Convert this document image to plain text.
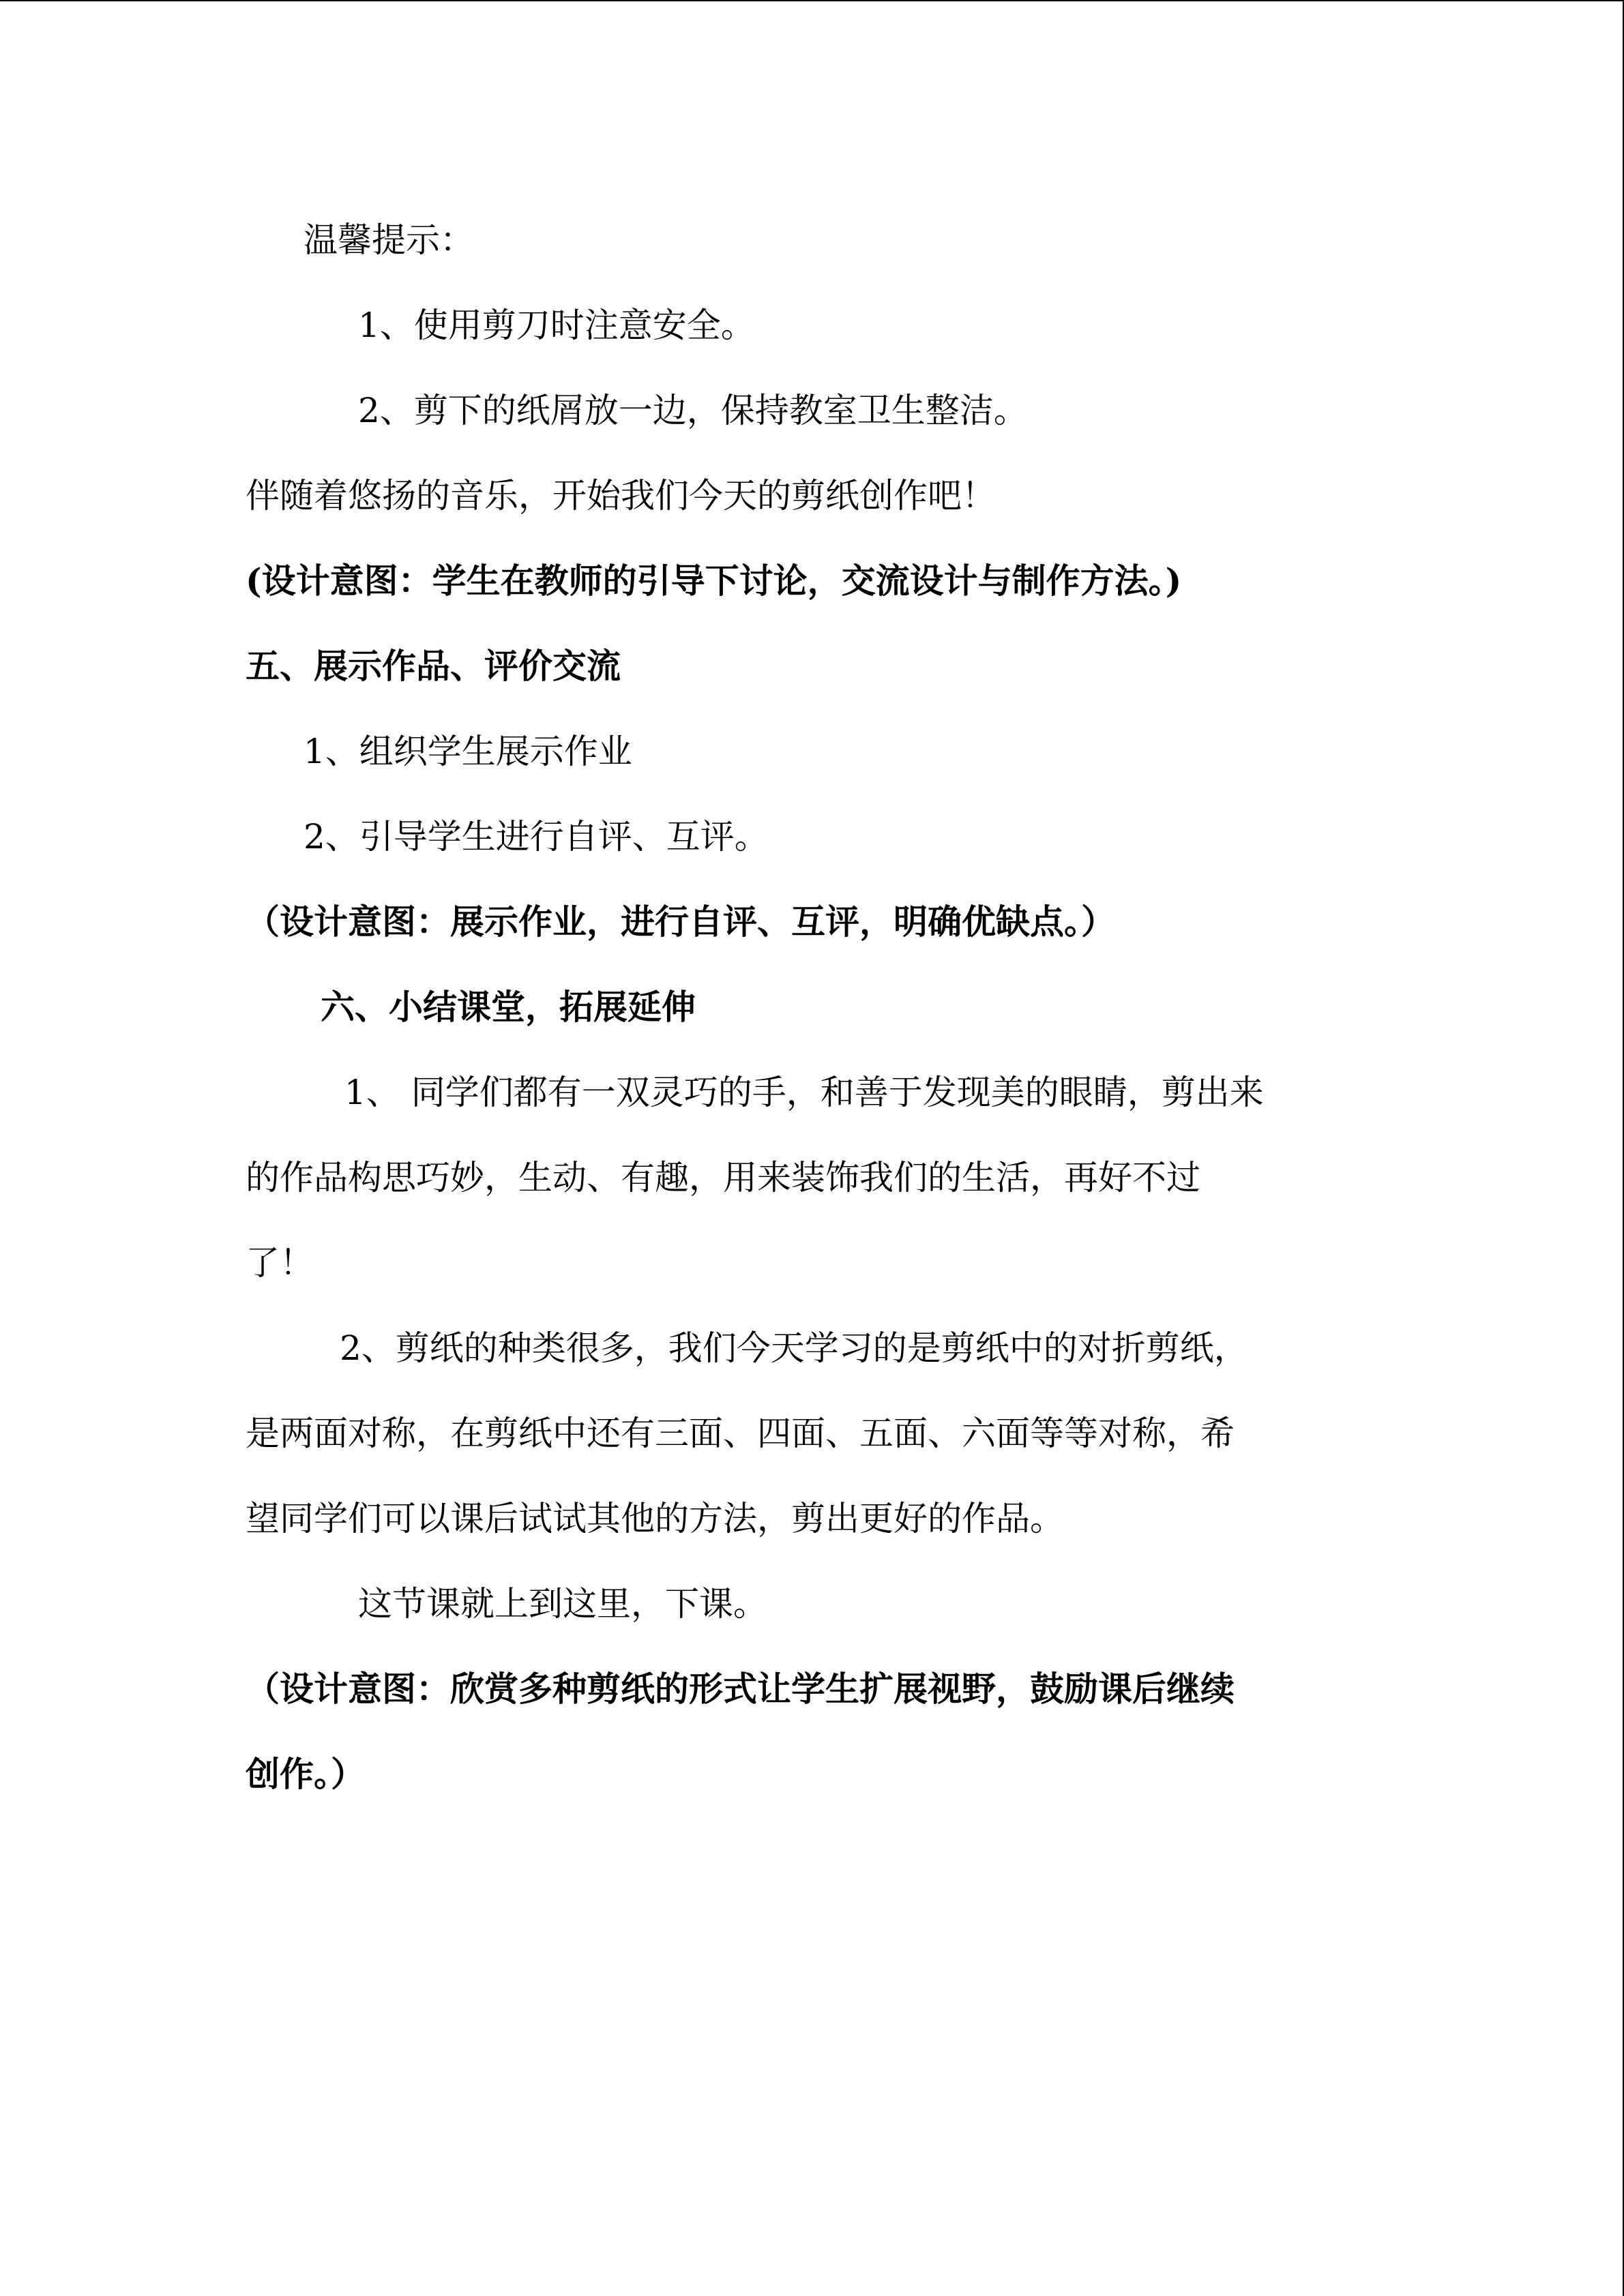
温馨提示：
1、使用剪刀时注意安全。
2、剪下的纸屑放一边，保持教室卫生整洁。
伴随着悠扬的音乐，开始我们今天的剪纸创作吧！
(设计意图：学生在教师的引导下讨论，交流设计与制作方法。)
五、展示作品、评价交流
1、组织学生展示作业
2、引导学生进行自评、互评。
（设计意图：展示作业，进行自评、互评，明确优缺点。）
六、小结课堂，拓展延伸
1、 同学们都有一双灵巧的手，和善于发现美的眼睛，剪出来
的作品构思巧妙，生动、有趣，用来装饰我们的生活，再好不过
了！
2、剪纸的种类很多，我们今天学习的是剪纸中的对折剪纸，
是两面对称，在剪纸中还有三面、四面、五面、六面等等对称，希
望同学们可以课后试试其他的方法，剪出更好的作品。
这节课就上到这里，下课。
（设计意图：欣赏多种剪纸的形式让学生扩展视野，鼓励课后继续
创作。）
